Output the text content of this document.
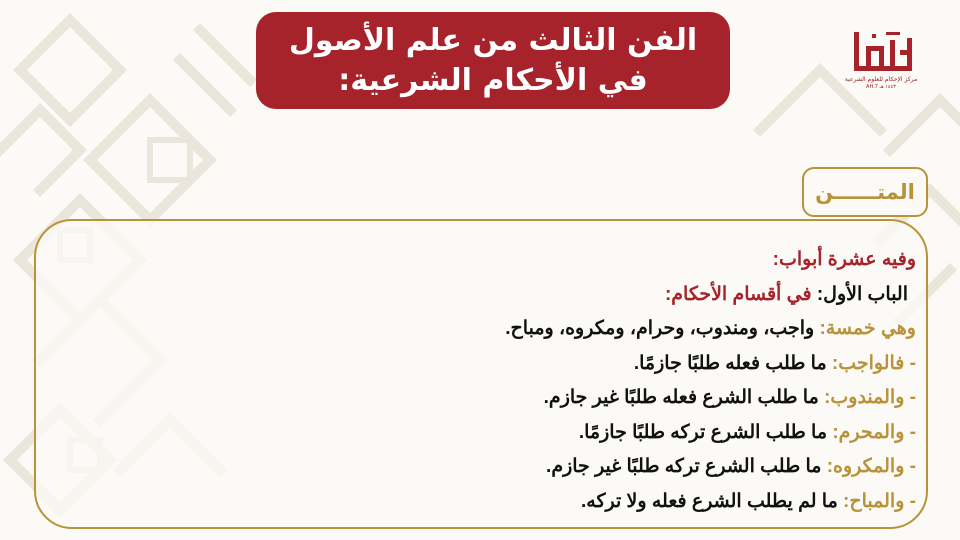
مركز الإحكام للعلوم الشرعية
AH.7 ١٤٤٣ هـ
الفن الثالث من علم الأصول
في الأحكام الشرعية:
المتــــــن
وفيه عشرة أبواب:
الباب الأول: في أقسام الأحكام:
وهي خمسة: واجب، ومندوب، وحرام، ومكروه، ومباح.
- فالواجب: ما طلب فعله طلبًا جازمًا.
- والمندوب: ما طلب الشرع فعله طلبًا غير جازم.
- والمحرم: ما طلب الشرع تركه طلبًا جازمًا.
- والمكروه: ما طلب الشرع تركه طلبًا غير جازم.
- والمباح: ما لم يطلب الشرع فعله ولا تركه.
